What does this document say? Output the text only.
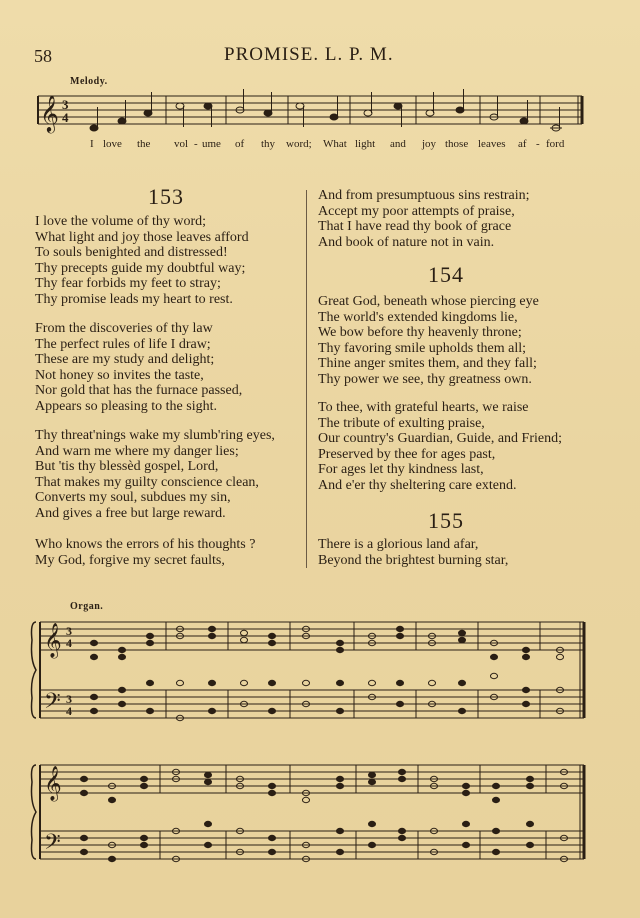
58	PROMISE. L. P. M.
Melody.
𝄞 3
4
𝄞
𝄢
3
4
3
4
𝄞
𝄢
I love the vol - ume of thy word; What light and joy those leaves af - ford
153
I love the volume of thy word;
What light and joy those leaves afford
To souls benighted and distressed!
Thy precepts guide my doubtful way;
Thy fear forbids my feet to stray;
Thy promise leads my heart to rest.
From the discoveries of thy law
The perfect rules of life I draw;
These are my study and delight;
Not honey so invites the taste,
Nor gold that has the furnace passed,
Appears so pleasing to the sight.
Thy threat'nings wake my slumb'ring eyes,
And warn me where my danger lies;
But 'tis thy blessèd gospel, Lord,
That makes my guilty conscience clean,
Converts my soul, subdues my sin,
And gives a free but large reward.
Who knows the errors of his thoughts ?
My God, forgive my secret faults,
And from presumptuous sins restrain;
Accept my poor attempts of praise,
That I have read thy book of grace
And book of nature not in vain.
154
Great God, beneath whose piercing eye
The world's extended kingdoms lie,
We bow before thy heavenly throne;
Thy favoring smile upholds them all;
Thine anger smites them, and they fall;
Thy power we see, thy greatness own.
To thee, with grateful hearts, we raise
The tribute of exulting praise,
Our country's Guardian, Guide, and Friend;
Preserved by thee for ages past,
For ages let thy kindness last,
And e'er thy sheltering care extend.
155
There is a glorious land afar,
Beyond the brightest burning star,
Organ.
